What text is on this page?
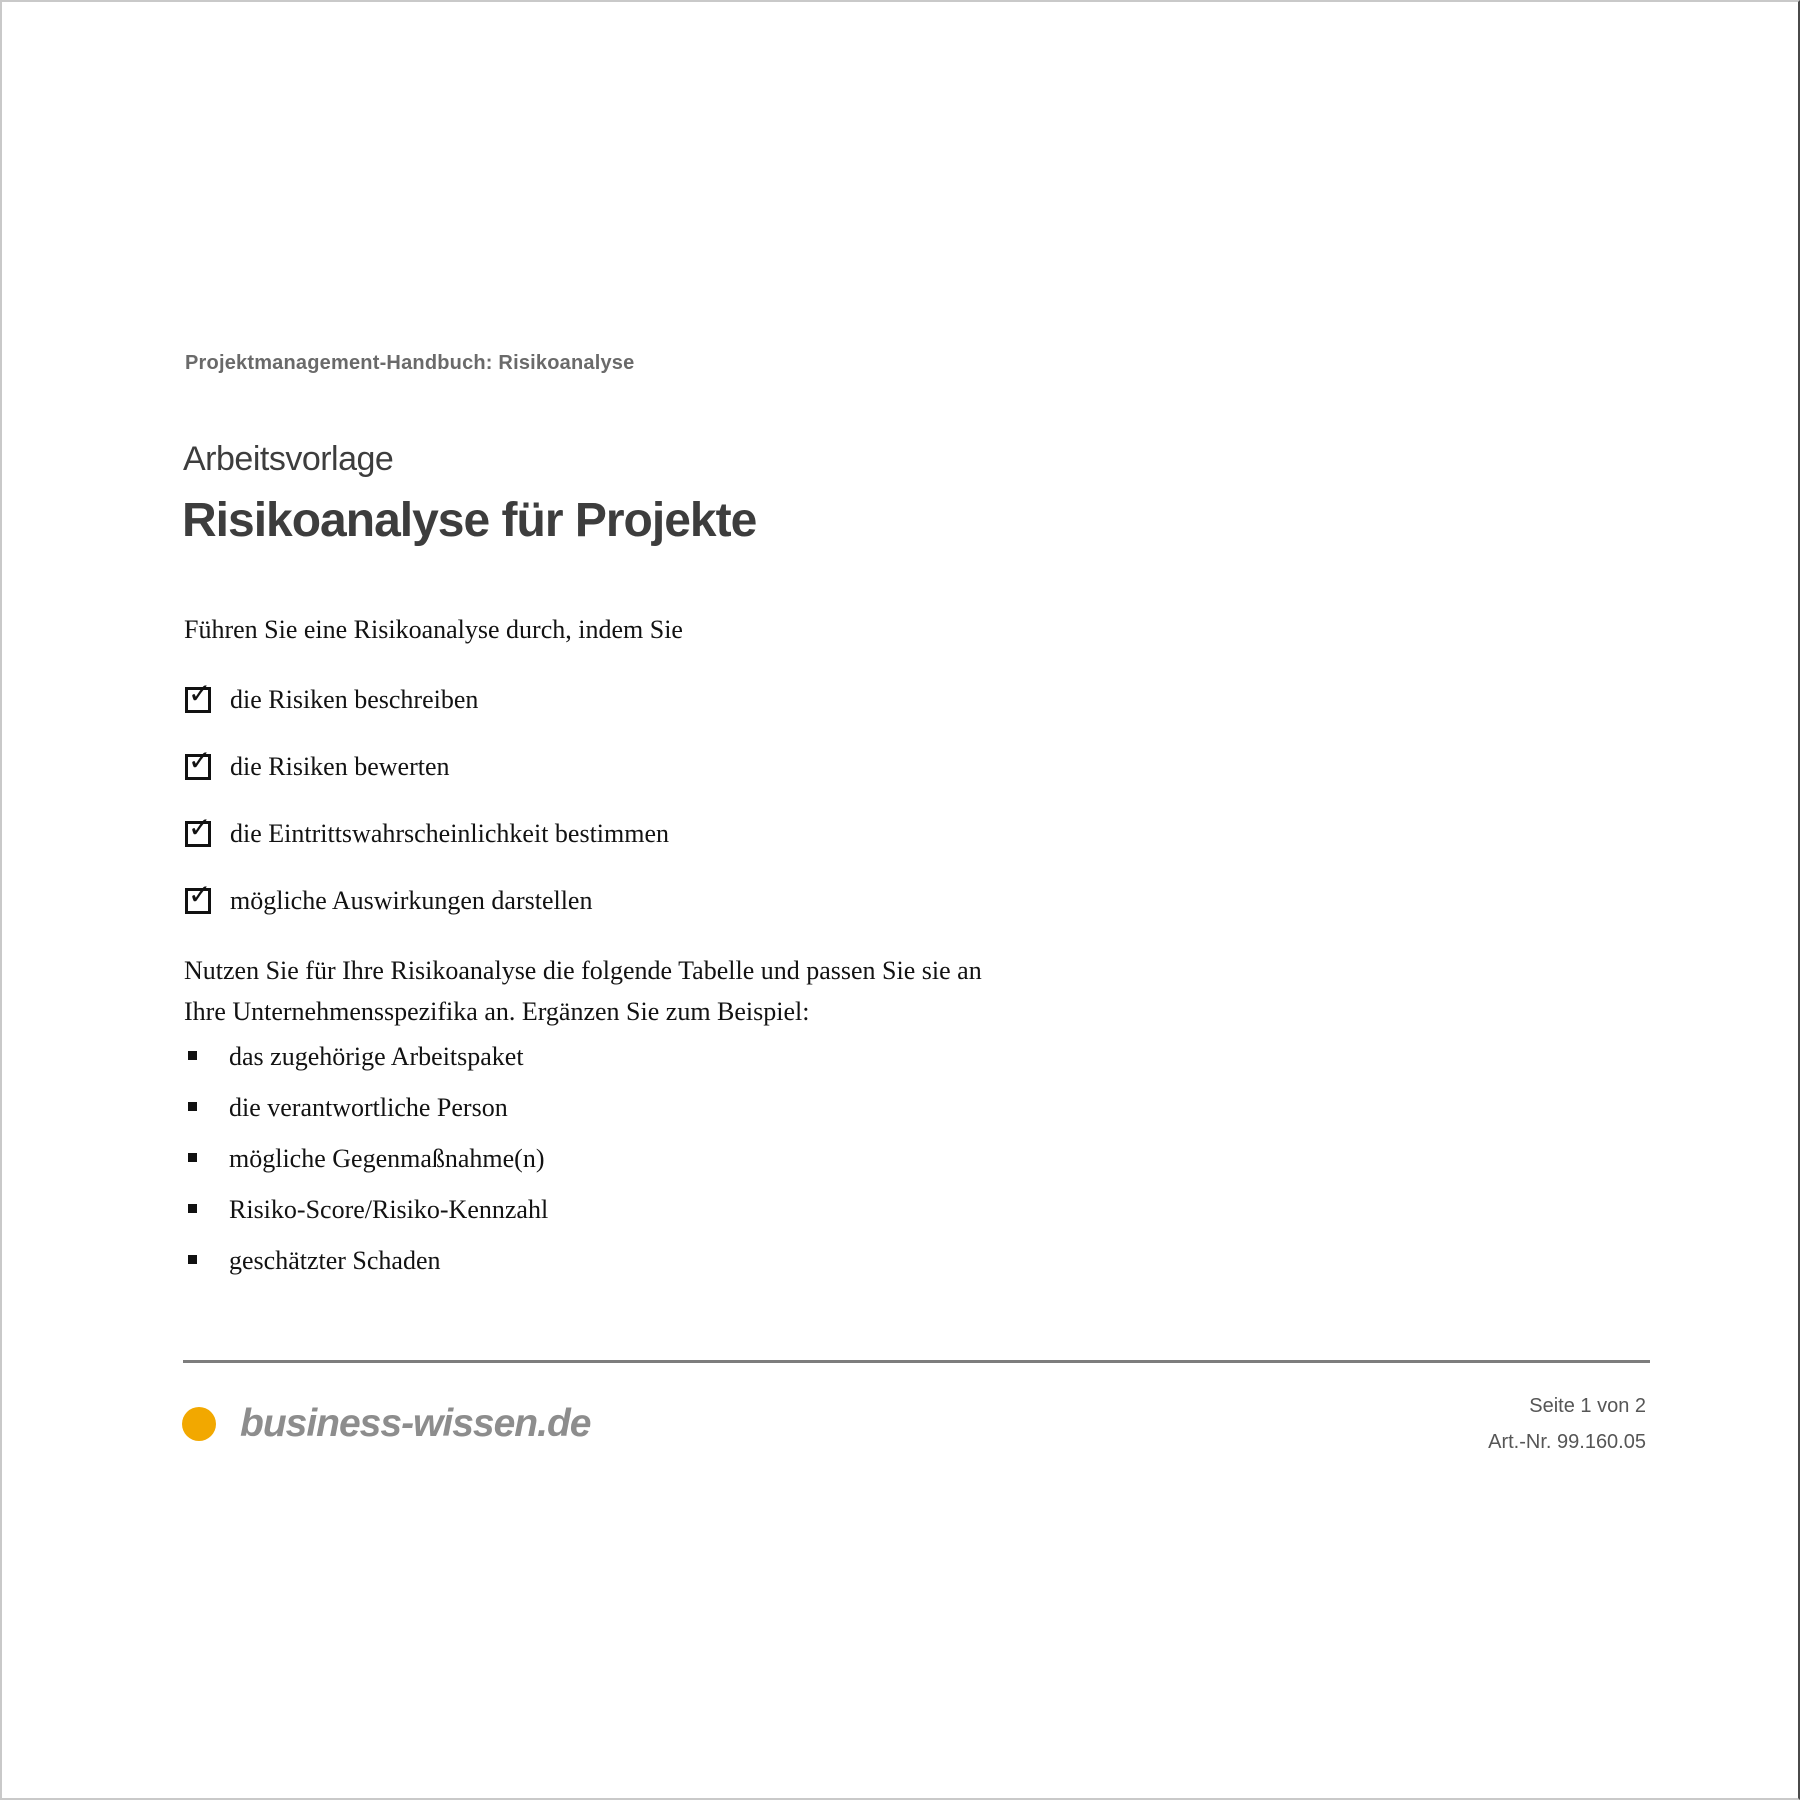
Projektmanagement-Handbuch: Risikoanalyse
Arbeitsvorlage
Risikoanalyse für Projekte
Führen Sie eine Risikoanalyse durch, indem Sie
✓ die Risiken beschreiben
✓ die Risiken bewerten
✓ die Eintrittswahrscheinlichkeit bestimmen
✓ mögliche Auswirkungen darstellen
Nutzen Sie für Ihre Risikoanalyse die folgende Tabelle und passen Sie sie an
Ihre Unternehmensspezifika an. Ergänzen Sie zum Beispiel:
das zugehörige Arbeitspaket
die verantwortliche Person
mögliche Gegenmaßnahme(n)
Risiko-Score/Risiko-Kennzahl
geschätzter Schaden
business-wissen.de	Seite 1 von 2
Art.-Nr. 99.160.05
